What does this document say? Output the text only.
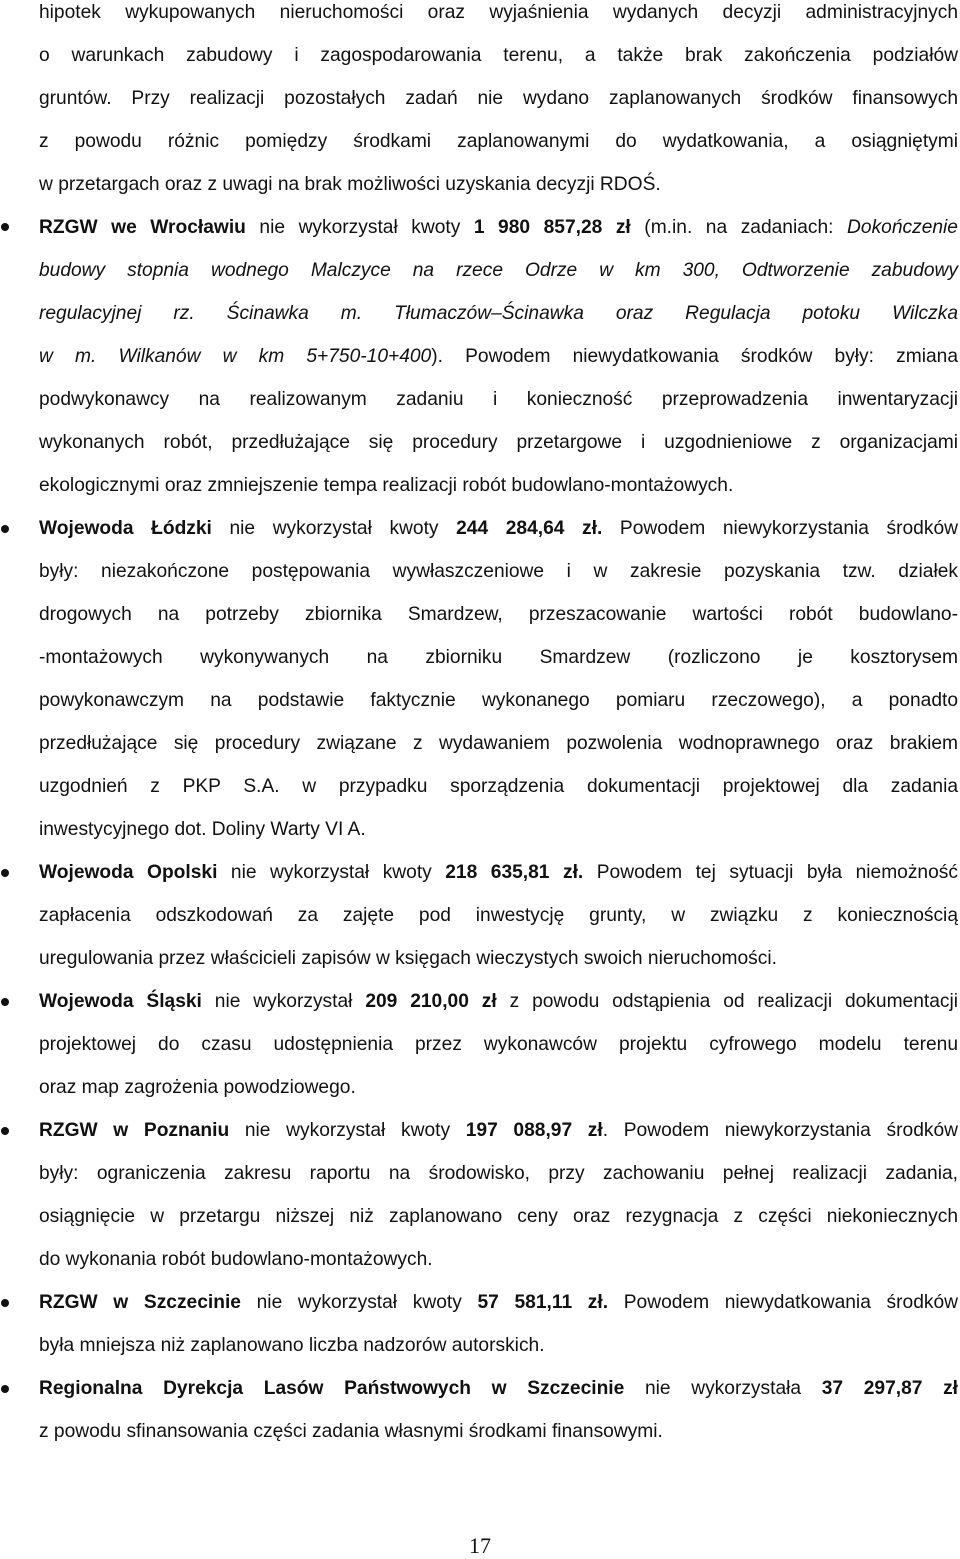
hipotek wykupowanych nieruchomości oraz wyjaśnienia wydanych decyzji administracyjnych
o warunkach zabudowy i zagospodarowania terenu, a także brak zakończenia podziałów
gruntów. Przy realizacji pozostałych zadań nie wydano zaplanowanych środków finansowych
z powodu różnic pomiędzy środkami zaplanowanymi do wydatkowania, a osiągniętymi
w przetargach oraz z uwagi na brak możliwości uzyskania decyzji RDOŚ.
RZGW we Wrocławiu nie wykorzystał kwoty 1 980 857,28 zł (m.in. na zadaniach: Dokończenie
budowy stopnia wodnego Malczyce na rzece Odrze w km 300, Odtworzenie zabudowy
regulacyjnej rz. Ścinawka m. Tłumaczów–Ścinawka oraz Regulacja potoku Wilczka
w m. Wilkanów w km 5+750-10+400). Powodem niewydatkowania środków były: zmiana
podwykonawcy na realizowanym zadaniu i konieczność przeprowadzenia inwentaryzacji
wykonanych robót, przedłużające się procedury przetargowe i uzgodnieniowe z organizacjami
ekologicznymi oraz zmniejszenie tempa realizacji robót budowlano-montażowych.
Wojewoda Łódzki nie wykorzystał kwoty 244 284,64 zł. Powodem niewykorzystania środków
były: niezakończone postępowania wywłaszczeniowe i w zakresie pozyskania tzw. działek
drogowych na potrzeby zbiornika Smardzew, przeszacowanie wartości robót budowlano-
-montażowych wykonywanych na zbiorniku Smardzew (rozliczono je kosztorysem
powykonawczym na podstawie faktycznie wykonanego pomiaru rzeczowego), a ponadto
przedłużające się procedury związane z wydawaniem pozwolenia wodnoprawnego oraz brakiem
uzgodnień z PKP S.A. w przypadku sporządzenia dokumentacji projektowej dla zadania
inwestycyjnego dot. Doliny Warty VI A.
Wojewoda Opolski nie wykorzystał kwoty 218 635,81 zł. Powodem tej sytuacji była niemożność
zapłacenia odszkodowań za zajęte pod inwestycję grunty, w związku z koniecznością
uregulowania przez właścicieli zapisów w księgach wieczystych swoich nieruchomości.
Wojewoda Śląski nie wykorzystał 209 210,00 zł z powodu odstąpienia od realizacji dokumentacji
projektowej do czasu udostępnienia przez wykonawców projektu cyfrowego modelu terenu
oraz map zagrożenia powodziowego.
RZGW w Poznaniu nie wykorzystał kwoty 197 088,97 zł. Powodem niewykorzystania środków
były: ograniczenia zakresu raportu na środowisko, przy zachowaniu pełnej realizacji zadania,
osiągnięcie w przetargu niższej niż zaplanowano ceny oraz rezygnacja z części niekoniecznych
do wykonania robót budowlano-montażowych.
RZGW w Szczecinie nie wykorzystał kwoty 57 581,11 zł. Powodem niewydatkowania środków
była mniejsza niż zaplanowano liczba nadzorów autorskich.
Regionalna Dyrekcja Lasów Państwowych w Szczecinie nie wykorzystała 37 297,87 zł
z powodu sfinansowania części zadania własnymi środkami finansowymi.
17
